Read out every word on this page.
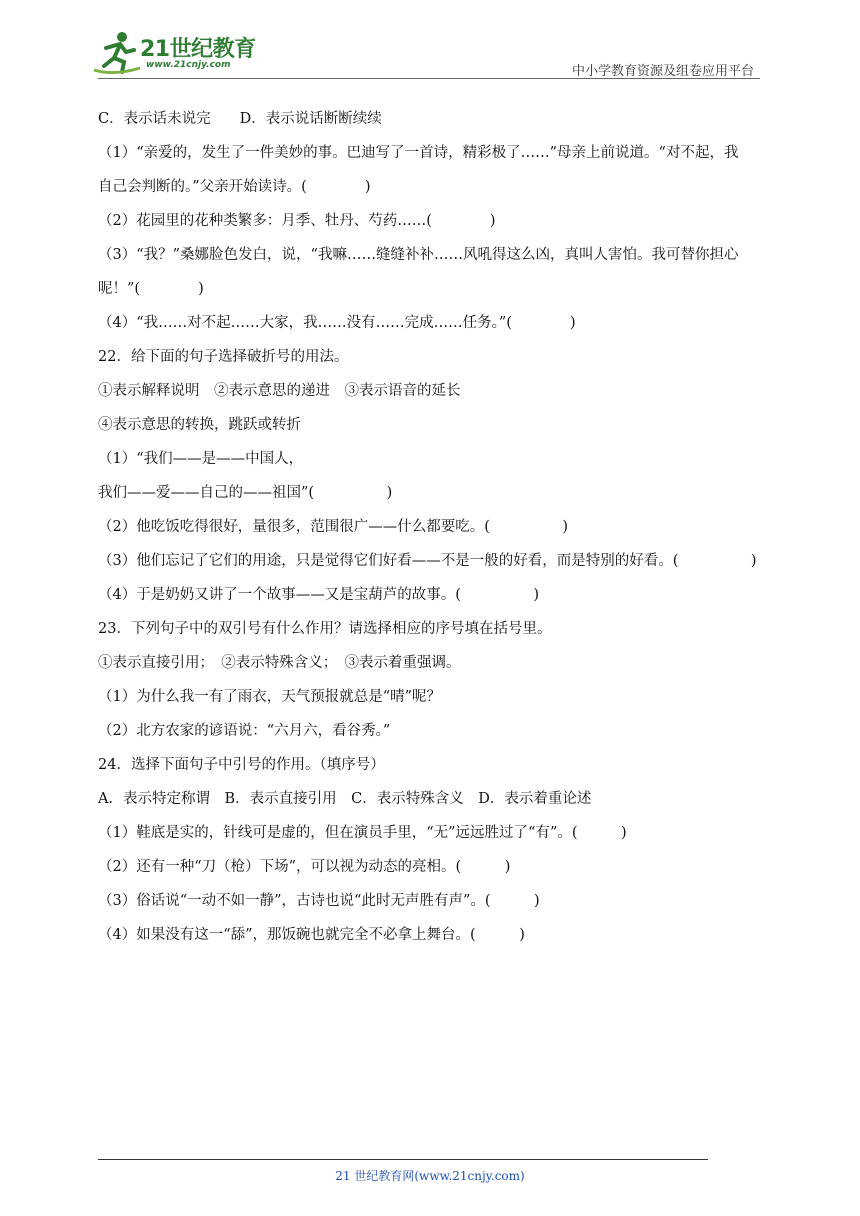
21世纪教育
www.21cnjy.com	中小学教育资源及组卷应用平台
C．表示话未说完　　D．表示说话断断续续
（1）“亲爱的，发生了一件美妙的事。巴迪写了一首诗，精彩极了……”母亲上前说道。“对不起，我
自己会判断的。”父亲开始读诗。(　　　　)
（2）花园里的花种类繁多：月季、牡丹、芍药……(　　　　)
（3）“我？”桑娜脸色发白，说，“我嘛……缝缝补补……风吼得这么凶，真叫人害怕。我可替你担心
呢！”(　　　　)
（4）“我……对不起……大家，我……没有……完成……任务。”(　　　　)
22．给下面的句子选择破折号的用法。
①表示解释说明　②表示意思的递进　③表示语音的延长
④表示意思的转换，跳跃或转折
（1）“我们——是——中国人，
我们——爱——自己的——祖国”(　　　　　)
（2）他吃饭吃得很好，量很多，范围很广——什么都要吃。(　　　　　)
（3）他们忘记了它们的用途，只是觉得它们好看——不是一般的好看，而是特别的好看。(　　　　　)
（4）于是奶奶又讲了一个故事——又是宝葫芦的故事。(　　　　　)
23．下列句子中的双引号有什么作用？请选择相应的序号填在括号里。
①表示直接引用；　②表示特殊含义；　③表示着重强调。
（1）为什么我一有了雨衣，天气预报就总是“晴”呢？
（2）北方农家的谚语说：“六月六，看谷秀。”
24．选择下面句子中引号的作用。（填序号）
A．表示特定称谓　B．表示直接引用　C．表示特殊含义　D．表示着重论述
（1）鞋底是实的，针线可是虚的，但在演员手里，“无”远远胜过了“有”。(　　　)
（2）还有一种“刀（枪）下场”，可以视为动态的亮相。(　　　)
（3）俗话说“一动不如一静”，古诗也说“此时无声胜有声”。(　　　)
（4）如果没有这一“舔”，那饭碗也就完全不必拿上舞台。(　　　)
21 世纪教育网(www.21cnjy.com)
